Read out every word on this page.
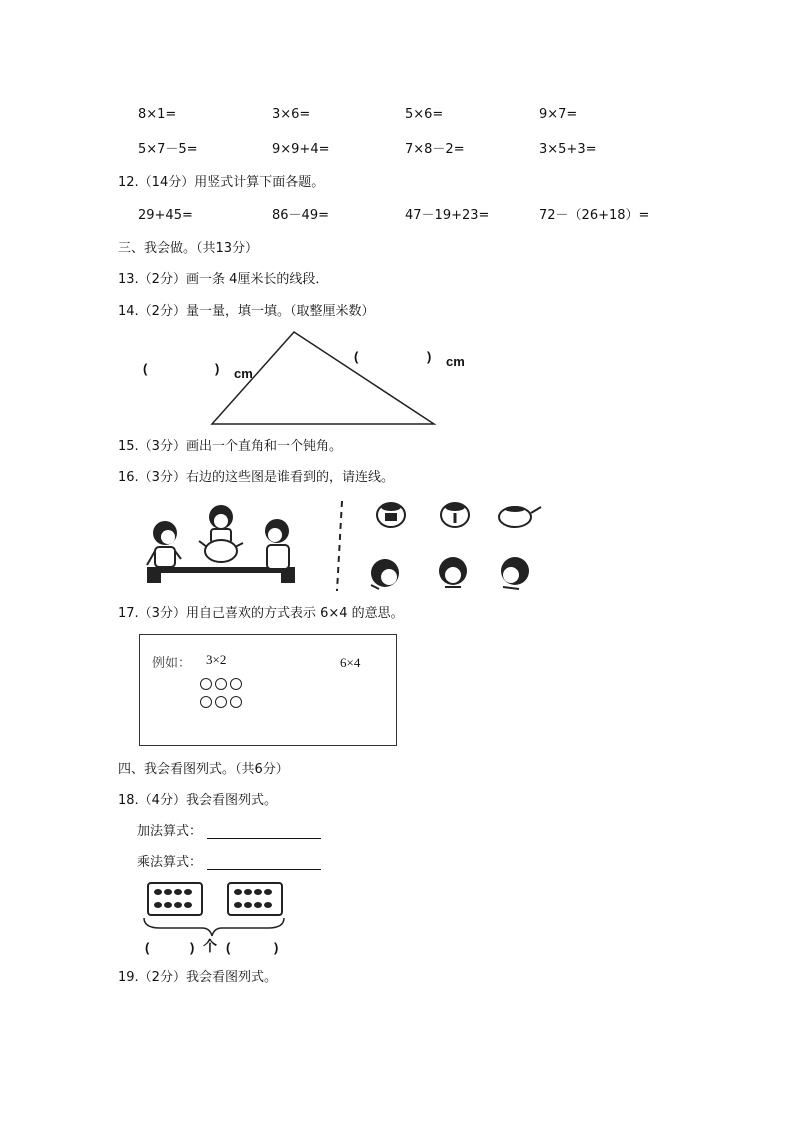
8×1=	3×6=	5×6=	9×7=
5×7－5=	9×9+4=	7×8－2=	3×5+3=
12.（14分）用竖式计算下面各题。
29+45=	86－49=	47－19+23=	72－（26+18）=
三、我会做。（共13分）
13.（2分）画一条 4厘米长的线段．
14.（2分）量一量，填一填。（取整厘米数）
(	) cm
(	) cm
15.（3分）画出一个直角和一个钝角。
16.（3分）右边的这些图是谁看到的，请连线。
17.（3分）用自己喜欢的方式表示 6×4 的意思。
例如： 3×2	6×4
四、我会看图列式。（共6分）
18.（4分）我会看图列式。
加法算式：
乘法算式：
(	) 个 (	)
19.（2分）我会看图列式。
